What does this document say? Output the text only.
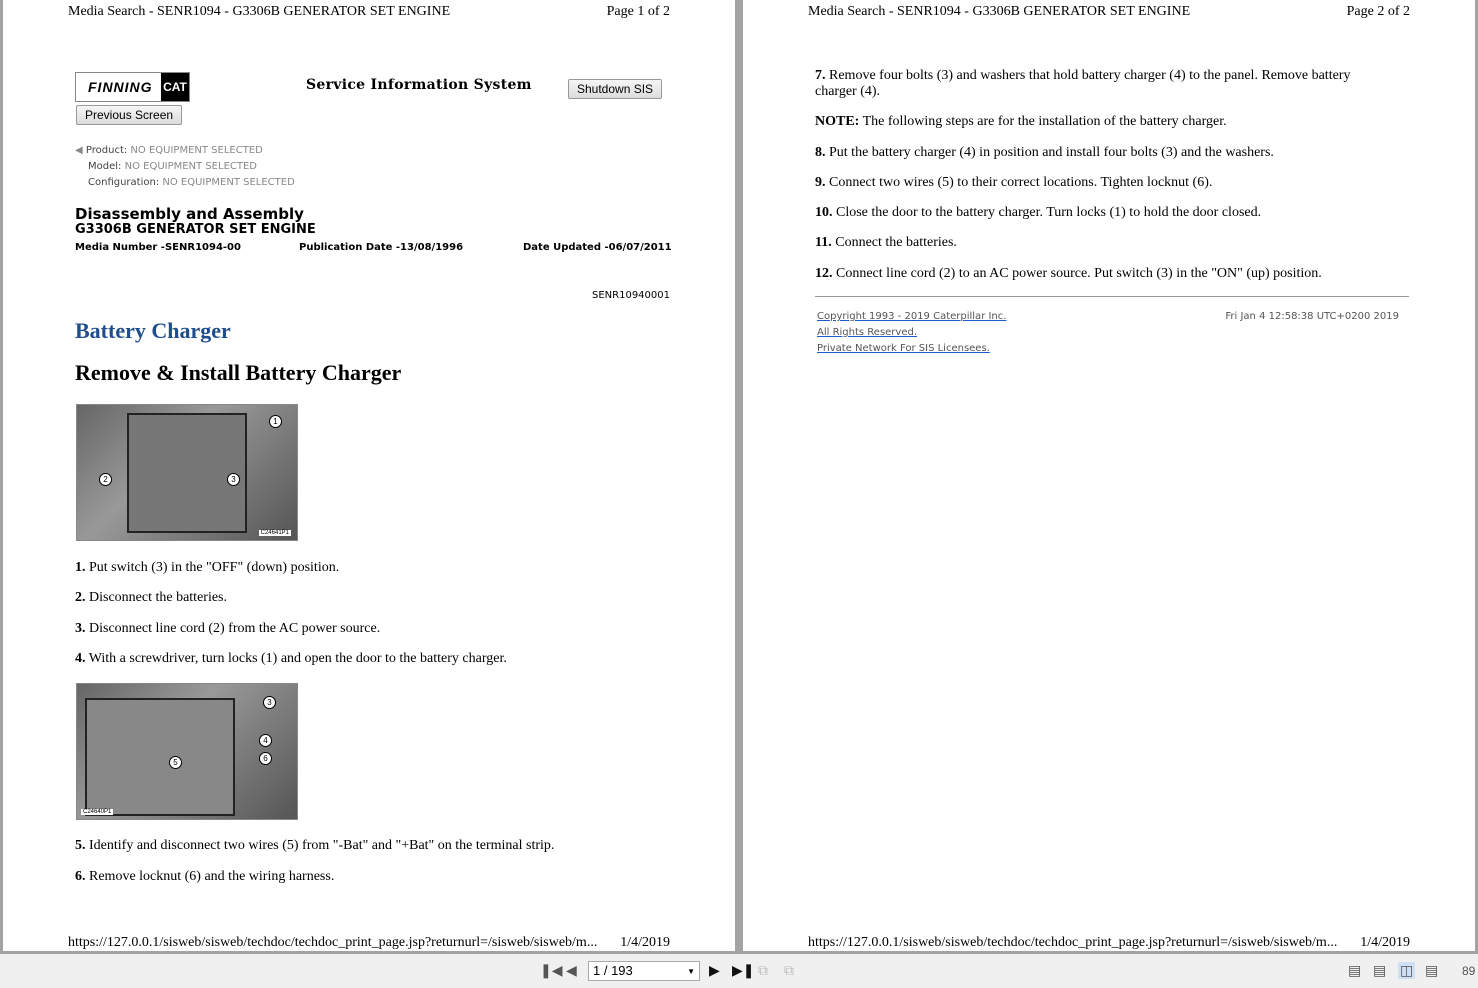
Media Search - SENR1094 - G3306B GENERATOR SET ENGINE	Page 1 of 2
FINNING CAT	Service Information System	Shutdown SIS
Previous Screen
◀ Product: NO EQUIPMENT SELECTED
Model: NO EQUIPMENT SELECTED
Configuration: NO EQUIPMENT SELECTED
Disassembly and Assembly
G3306B GENERATOR SET ENGINE
Media Number -SENR1094-00	Publication Date -13/08/1996	Date Updated -06/07/2011
SENR10940001
Battery Charger
Remove & Install Battery Charger
1
2	3
C24641P1
3
4
6
5
C24640P1
1. Put switch (3) in the "OFF" (down) position.
2. Disconnect the batteries.
3. Disconnect line cord (2) from the AC power source.
4. With a screwdriver, turn locks (1) and open the door to the battery charger.
5. Identify and disconnect two wires (5) from "-Bat" and "+Bat" on the terminal strip.
6. Remove locknut (6) and the wiring harness.
https://127.0.0.1/sisweb/sisweb/techdoc/techdoc_print_page.jsp?returnurl=/sisweb/sisweb/m... 1/4/2019
Media Search - SENR1094 - G3306B GENERATOR SET ENGINE	Page 2 of 2
7. Remove four bolts (3) and washers that hold battery charger (4) to the panel. Remove battery
charger (4).
NOTE: The following steps are for the installation of the battery charger.
8. Put the battery charger (4) in position and install four bolts (3) and the washers.
9. Connect two wires (5) to their correct locations. Tighten locknut (6).
10. Close the door to the battery charger. Turn locks (1) to hold the door closed.
11. Connect the batteries.
12. Connect line cord (2) to an AC power source. Put switch (3) in the "ON" (up) position.
Copyright 1993 - 2019 Caterpillar Inc.
All Rights Reserved.
Private Network For SIS Licensees.
Fri Jan 4 12:58:38 UTC+0200 2019
https://127.0.0.1/sisweb/sisweb/techdoc/techdoc_print_page.jsp?returnurl=/sisweb/sisweb/m... 1/4/2019
❚◀ ◀	1 / 193	▼ ▶ ▶❚ ⧉ ⧉	▤ ▤ ◫ ▤ 89
